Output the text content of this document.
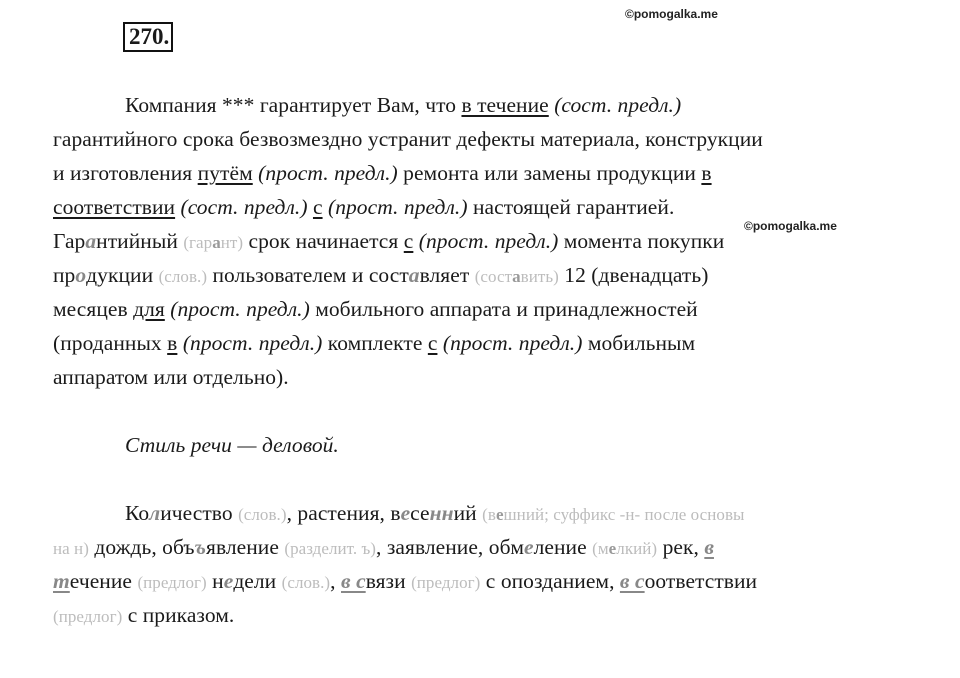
©pomogalka.me
©pomogalka.me
270.
Компания *** гарантирует Вам, что в течение (сост. предл.)
гарантийного срока безвозмездно устранит дефекты материала, конструкции
и изготовления путём (прост. предл.) ремонта или замены продукции в
соответствии (сост. предл.) с (прост. предл.) настоящей гарантией.
Гарантийный (гарант) срок начинается с (прост. предл.) момента покупки
продукции (слов.) пользователем и составляет (составить) 12 (двенадцать)
месяцев для (прост. предл.) мобильного аппарата и принадлежностей
(проданных в (прост. предл.) комплекте с (прост. предл.) мобильным
аппаратом или отдельно).
Стиль речи — деловой.
Количество (слов.), растения, весенний (вешний; суффикс -н- после основы
на н) дождь, объъявление (разделит. ъ), заявление, обмеление (мелкий) рек, в
течение (предлог) недели (слов.), в связи (предлог) с опозданием, в соответствии
(предлог) с приказом.
